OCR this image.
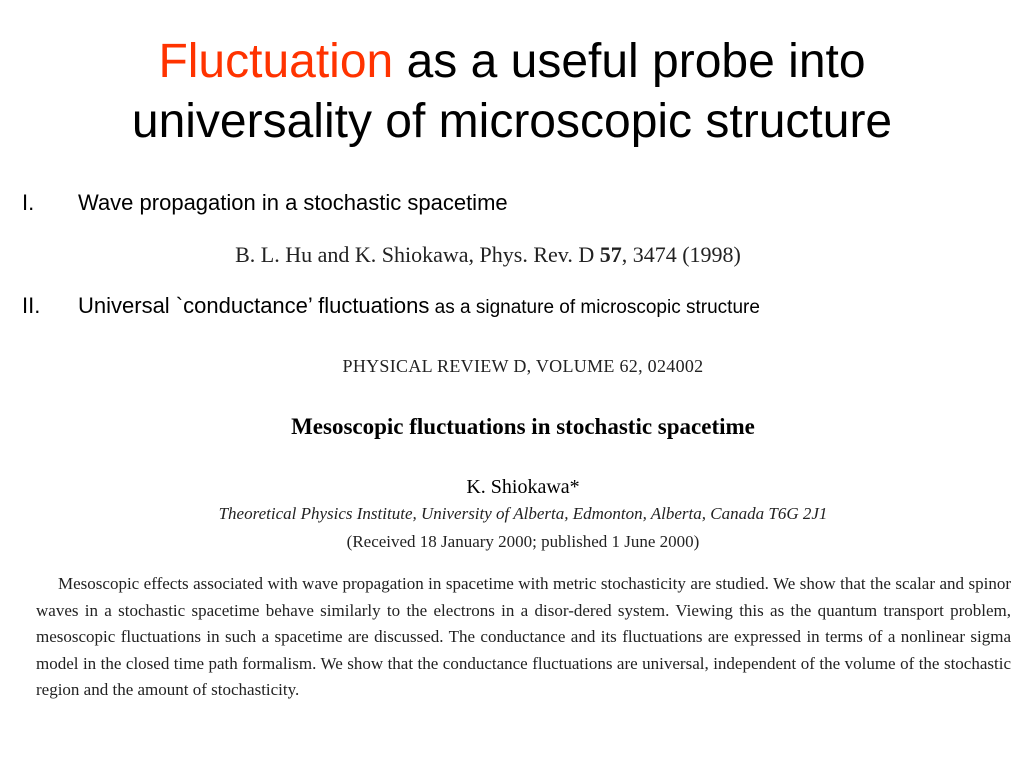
Fluctuation as a useful probe into
universality of microscopic structure
I. Wave propagation in a stochastic spacetime
B. L. Hu and K. Shiokawa, Phys. Rev. D 57, 3474 (1998)
II. Universal `conductance’ fluctuations as a signature of microscopic structure
PHYSICAL REVIEW D, VOLUME 62, 024002
Mesoscopic fluctuations in stochastic spacetime
K. Shiokawa*
Theoretical Physics Institute, University of Alberta, Edmonton, Alberta, Canada T6G 2J1
(Received 18 January 2000; published 1 June 2000)
Mesoscopic effects associated with wave propagation in spacetime with metric stochasticity are studied. We show that the scalar and spinor waves in a stochastic spacetime behave similarly to the electrons in a disor-dered system. Viewing this as the quantum transport problem, mesoscopic fluctuations in such a spacetime are discussed. The conductance and its fluctuations are expressed in terms of a nonlinear sigma model in the closed time path formalism. We show that the conductance fluctuations are universal, independent of the volume of the stochastic region and the amount of stochasticity.
